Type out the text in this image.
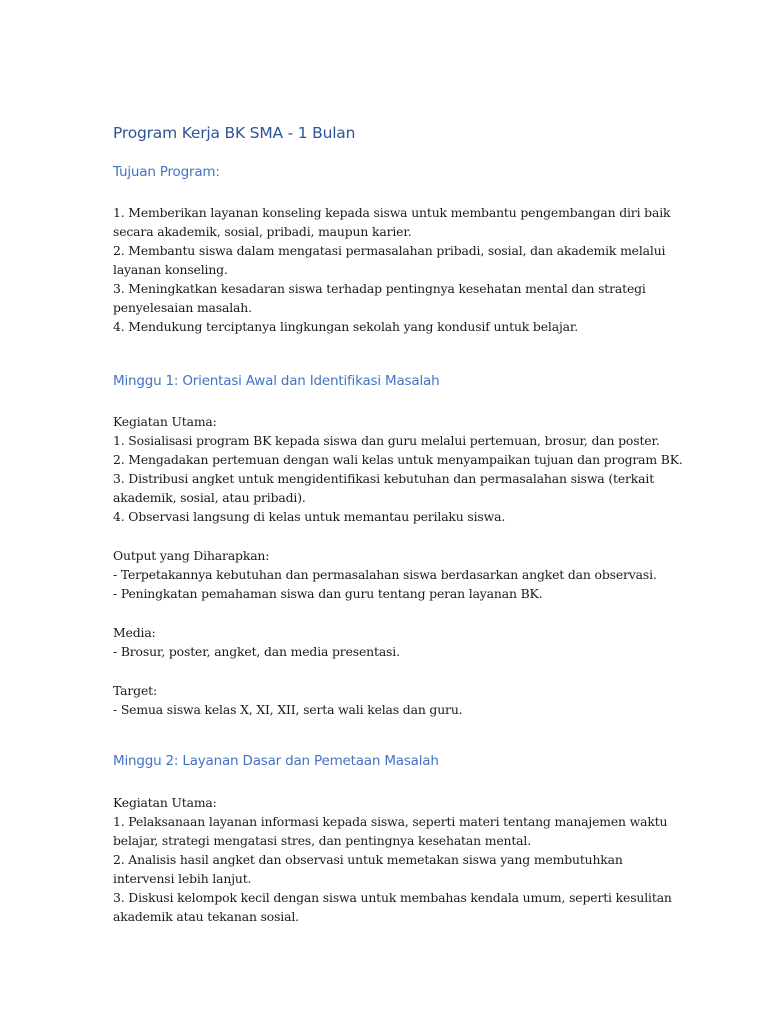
Program Kerja BK SMA - 1 Bulan
Tujuan Program:
1. Memberikan layanan konseling kepada siswa untuk membantu pengembangan diri baik
secara akademik, sosial, pribadi, maupun karier.
2. Membantu siswa dalam mengatasi permasalahan pribadi, sosial, dan akademik melalui
layanan konseling.
3. Meningkatkan kesadaran siswa terhadap pentingnya kesehatan mental dan strategi
penyelesaian masalah.
4. Mendukung terciptanya lingkungan sekolah yang kondusif untuk belajar.
Minggu 1: Orientasi Awal dan Identifikasi Masalah
Kegiatan Utama:
1. Sosialisasi program BK kepada siswa dan guru melalui pertemuan, brosur, dan poster.
2. Mengadakan pertemuan dengan wali kelas untuk menyampaikan tujuan dan program BK.
3. Distribusi angket untuk mengidentifikasi kebutuhan dan permasalahan siswa (terkait
akademik, sosial, atau pribadi).
4. Observasi langsung di kelas untuk memantau perilaku siswa.
Output yang Diharapkan:
- Terpetakannya kebutuhan dan permasalahan siswa berdasarkan angket dan observasi.
- Peningkatan pemahaman siswa dan guru tentang peran layanan BK.
Media:
- Brosur, poster, angket, dan media presentasi.
Target:
- Semua siswa kelas X, XI, XII, serta wali kelas dan guru.
Minggu 2: Layanan Dasar dan Pemetaan Masalah
Kegiatan Utama:
1. Pelaksanaan layanan informasi kepada siswa, seperti materi tentang manajemen waktu
belajar, strategi mengatasi stres, dan pentingnya kesehatan mental.
2. Analisis hasil angket dan observasi untuk memetakan siswa yang membutuhkan
intervensi lebih lanjut.
3. Diskusi kelompok kecil dengan siswa untuk membahas kendala umum, seperti kesulitan
akademik atau tekanan sosial.
